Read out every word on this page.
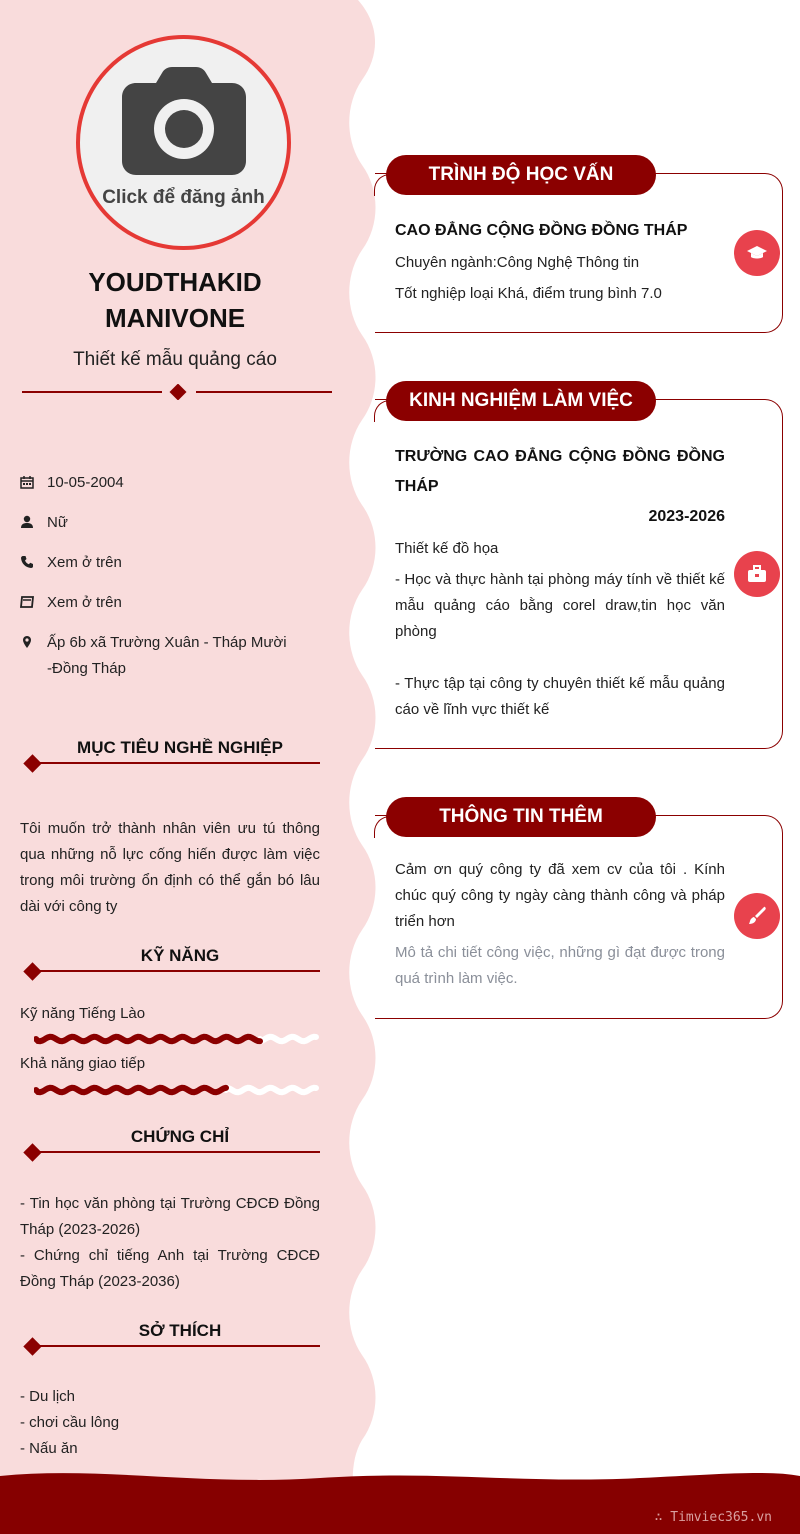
∴ Timviec365.vn
Click để đăng ảnh
YOUDTHAKID
MANIVONE
Thiết kế mẫu quảng cáo
10-05-2004
Nữ
Xem ở trên
Xem ở trên
Ấp 6b xã Trường Xuân - Tháp Mười
-Đồng Tháp
MỤC TIÊU NGHỀ NGHIỆP
Tôi muốn trở thành nhân viên ưu tú thông qua những nỗ lực cống hiến được làm việc trong môi trường ổn định có thể gắn bó lâu dài với công ty
KỸ NĂNG
Kỹ năng Tiếng Lào
Khả năng giao tiếp
CHỨNG CHỈ
- Tin học văn phòng tại Trường CĐCĐ Đồng Tháp (2023-2026)
- Chứng chỉ tiếng Anh tại Trường CĐCĐ Đồng Tháp (2023-2036)
SỞ THÍCH
- Du lịch
- chơi cầu lông
- Nấu ăn
TRÌNH ĐỘ HỌC VẤN
CAO ĐẲNG CỘNG ĐỒNG ĐỒNG THÁP
Chuyên ngành:Công Nghệ Thông tin
Tốt nghiệp loại Khá, điểm trung bình 7.0
KINH NGHIỆM LÀM VIỆC
TRƯỜNG CAO ĐẲNG CỘNG ĐỒNG ĐỒNG THÁP
2023-2026
Thiết kế đồ họa
- Học và thực hành tại phòng máy tính về thiết kế mẫu quảng cáo bằng corel draw,tin học văn phòng
- Thực tập tại công ty chuyên thiết kế mẫu quảng cáo về lĩnh vực thiết kế
THÔNG TIN THÊM
Cảm ơn quý công ty đã xem cv của tôi . Kính chúc quý công ty ngày càng thành công và pháp triển hơn
Mô tả chi tiết công việc, những gì đạt được trong quá trình làm việc.
